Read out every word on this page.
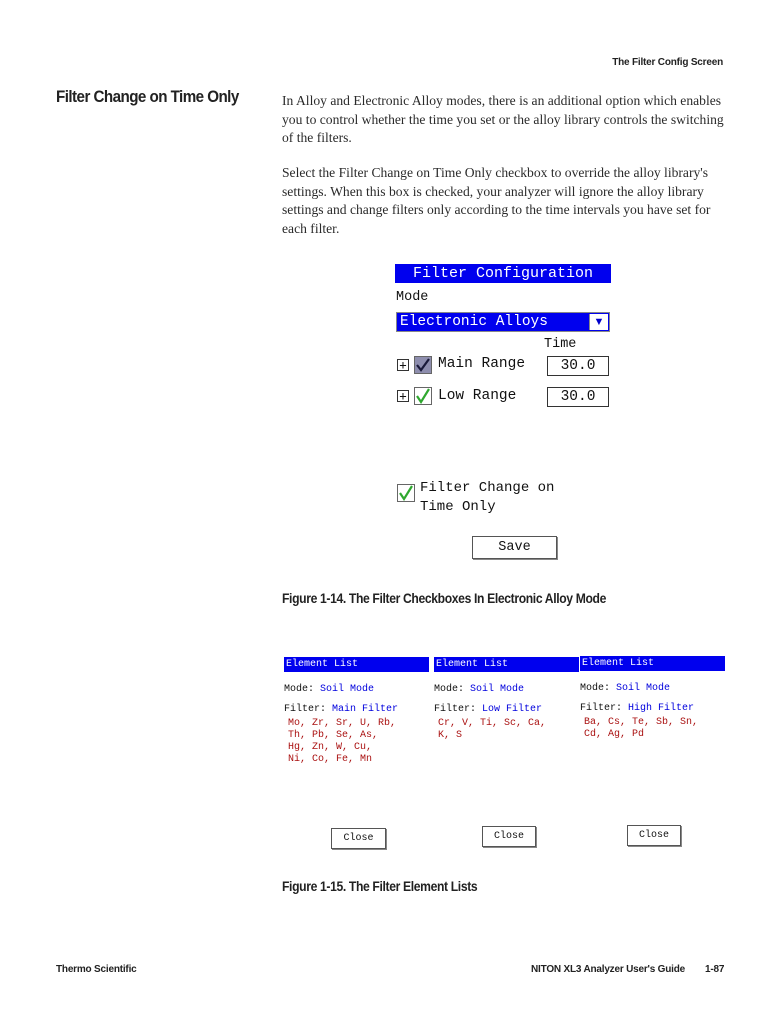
The Filter Config Screen
Filter Change on Time Only	In Alloy and Electronic Alloy modes, there is an additional option which enables you to control whether the time you set or the alloy library controls the switching of the filters.
Select the Filter Change on Time Only checkbox to override the alloy library's settings. When this box is checked, your analyzer will ignore the alloy library settings and change filters only according to the time intervals you have set for each filter.
Filter Configuration
Mode
Electronic Alloys	▼
Time
+ Main Range	30.0
+ Low Range	30.0
Filter Change on
Time Only
Save
Figure 1-14. The Filter Checkboxes In Electronic Alloy Mode
Element List
Mode: Soil Mode
Filter: Main Filter
Mo, Zr, Sr, U, Rb,
Th, Pb, Se, As,
Hg, Zn, W, Cu,
Ni, Co, Fe, Mn
Close
Element List
Mode: Soil Mode
Filter: Low Filter
Cr, V, Ti, Sc, Ca,
K, S
Close
Element List
Mode: Soil Mode
Filter: High Filter
Ba, Cs, Te, Sb, Sn,
Cd, Ag, Pd
Close
Figure 1-15. The Filter Element Lists
Thermo Scientific	NITON XL3 Analyzer User's Guide 1-87
